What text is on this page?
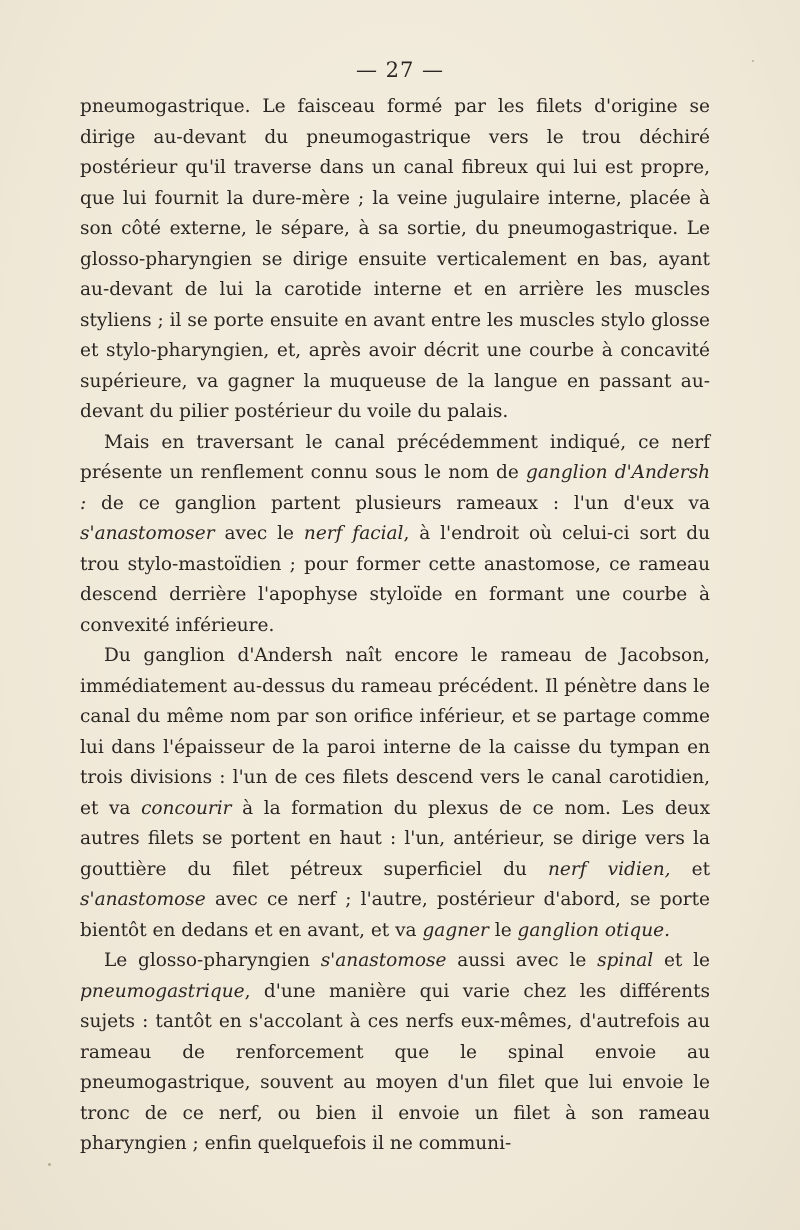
— 27 —

pneumogastrique. Le faisceau formé par les filets d'origine se dirige au-devant du pneumogastrique vers le trou déchiré postérieur qu'il traverse dans un canal fibreux qui lui est propre, que lui fournit la dure-mère ; la veine jugulaire interne, placée à son côté externe, le sépare, à sa sortie, du pneumogastrique. Le glosso-pharyngien se dirige ensuite verticalement en bas, ayant au-devant de lui la carotide interne et en arrière les muscles styliens ; il se porte ensuite en avant entre les muscles stylo glosse et stylo-pharyngien, et, après avoir décrit une courbe à concavité supérieure, va gagner la muqueuse de la langue en passant au-devant du pilier postérieur du voile du palais.

Mais en traversant le canal précédemment indiqué, ce nerf présente un renflement connu sous le nom de ganglion d'Andersh : de ce ganglion partent plusieurs rameaux : l'un d'eux va s'anastomoser avec le nerf facial, à l'endroit où celui-ci sort du trou stylo-mastoïdien ; pour former cette anastomose, ce rameau descend derrière l'apophyse styloïde en formant une courbe à convexité inférieure.

Du ganglion d'Andersh naît encore le rameau de Jacobson, immédiatement au-dessus du rameau précédent. Il pénètre dans le canal du même nom par son orifice inférieur, et se partage comme lui dans l'épaisseur de la paroi interne de la caisse du tympan en trois divisions : l'un de ces filets descend vers le canal carotidien, et va concourir à la formation du plexus de ce nom. Les deux autres filets se portent en haut : l'un, antérieur, se dirige vers la gouttière du filet pétreux superficiel du nerf vidien, et s'anastomose avec ce nerf ; l'autre, postérieur d'abord, se porte bientôt en dedans et en avant, et va gagner le ganglion otique.

Le glosso-pharyngien s'anastomose aussi avec le spinal et le pneumogastrique, d'une manière qui varie chez les différents sujets : tantôt en s'accolant à ces nerfs eux-mêmes, d'autrefois au rameau de renforcement que le spinal envoie au pneumogastrique, souvent au moyen d'un filet que lui envoie le tronc de ce nerf, ou bien il envoie un filet à son rameau pharyngien ; enfin quelquefois il ne communi-
